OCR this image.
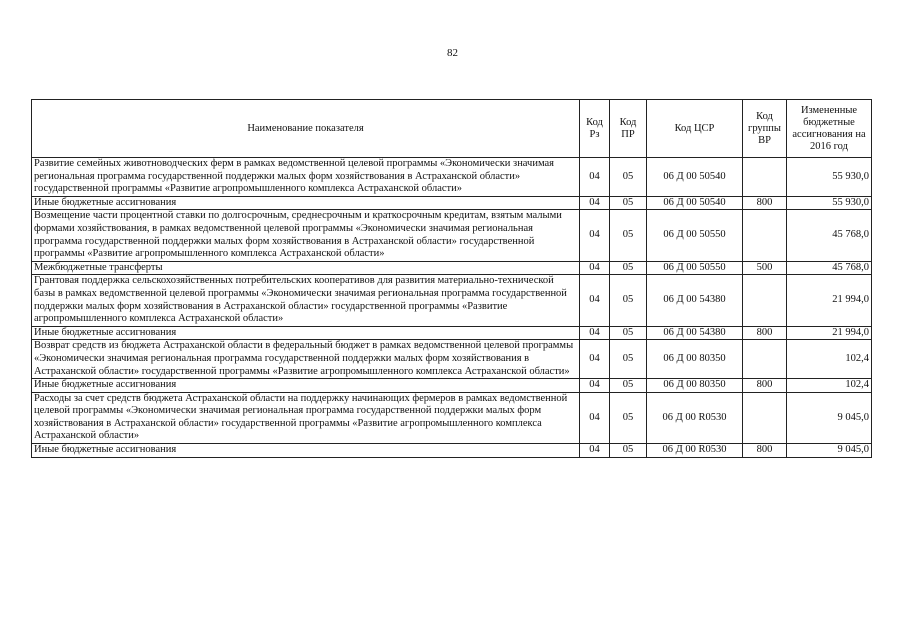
82
Наименование показателя	Код Рз	Код ПР	Код ЦСР	Код группы ВР	Измененные бюджетные ассигнования на 2016 год
Развитие семейных животноводческих ферм в рамках ведомственной целевой программы «Экономически значимая региональная программа государственной поддержки малых форм хозяйствования в Астраханской области» государственной программы «Развитие агропромышленного комплекса Астраханской области»	04	05	06 Д 00 50540		55 930,0
Иные бюджетные ассигнования	04	05	06 Д 00 50540	800	55 930,0
Возмещение части процентной ставки по долгосрочным, среднесрочным и краткосрочным кредитам, взятым малыми формами хозяйствования, в рамках ведомственной целевой программы «Экономически значимая региональная программа государственной поддержки малых форм хозяйствования в Астраханской области» государственной программы «Развитие агропромышленного комплекса Астраханской области»	04	05	06 Д 00 50550		45 768,0
Межбюджетные трансферты	04	05	06 Д 00 50550	500	45 768,0
Грантовая поддержка сельскохозяйственных потребительских кооперативов для развития материально-технической базы в рамках ведомственной целевой программы «Экономически значимая региональная программа государственной поддержки малых форм хозяйствования в Астраханской области» государственной программы «Развитие агропромышленного комплекса Астраханской области»	04	05	06 Д 00 54380		21 994,0
Иные бюджетные ассигнования	04	05	06 Д 00 54380	800	21 994,0
Возврат средств из бюджета Астраханской области в федеральный бюджет в рамках ведомственной целевой программы «Экономически значимая региональная программа государственной поддержки малых форм хозяйствования в Астраханской области» государственной программы «Развитие агропромышленного комплекса Астраханской области»	04	05	06 Д 00 80350		102,4
Иные бюджетные ассигнования	04	05	06 Д 00 80350	800	102,4
Расходы за счет средств бюджета Астраханской области на поддержку начинающих фермеров в рамках ведомственной целевой программы «Экономически значимая региональная программа государственной поддержки малых форм хозяйствования в Астраханской области» государственной программы «Развитие агропромышленного комплекса Астраханской области»	04	05	06 Д 00 R0530		9 045,0
Иные бюджетные ассигнования	04	05	06 Д 00 R0530	800	9 045,0
